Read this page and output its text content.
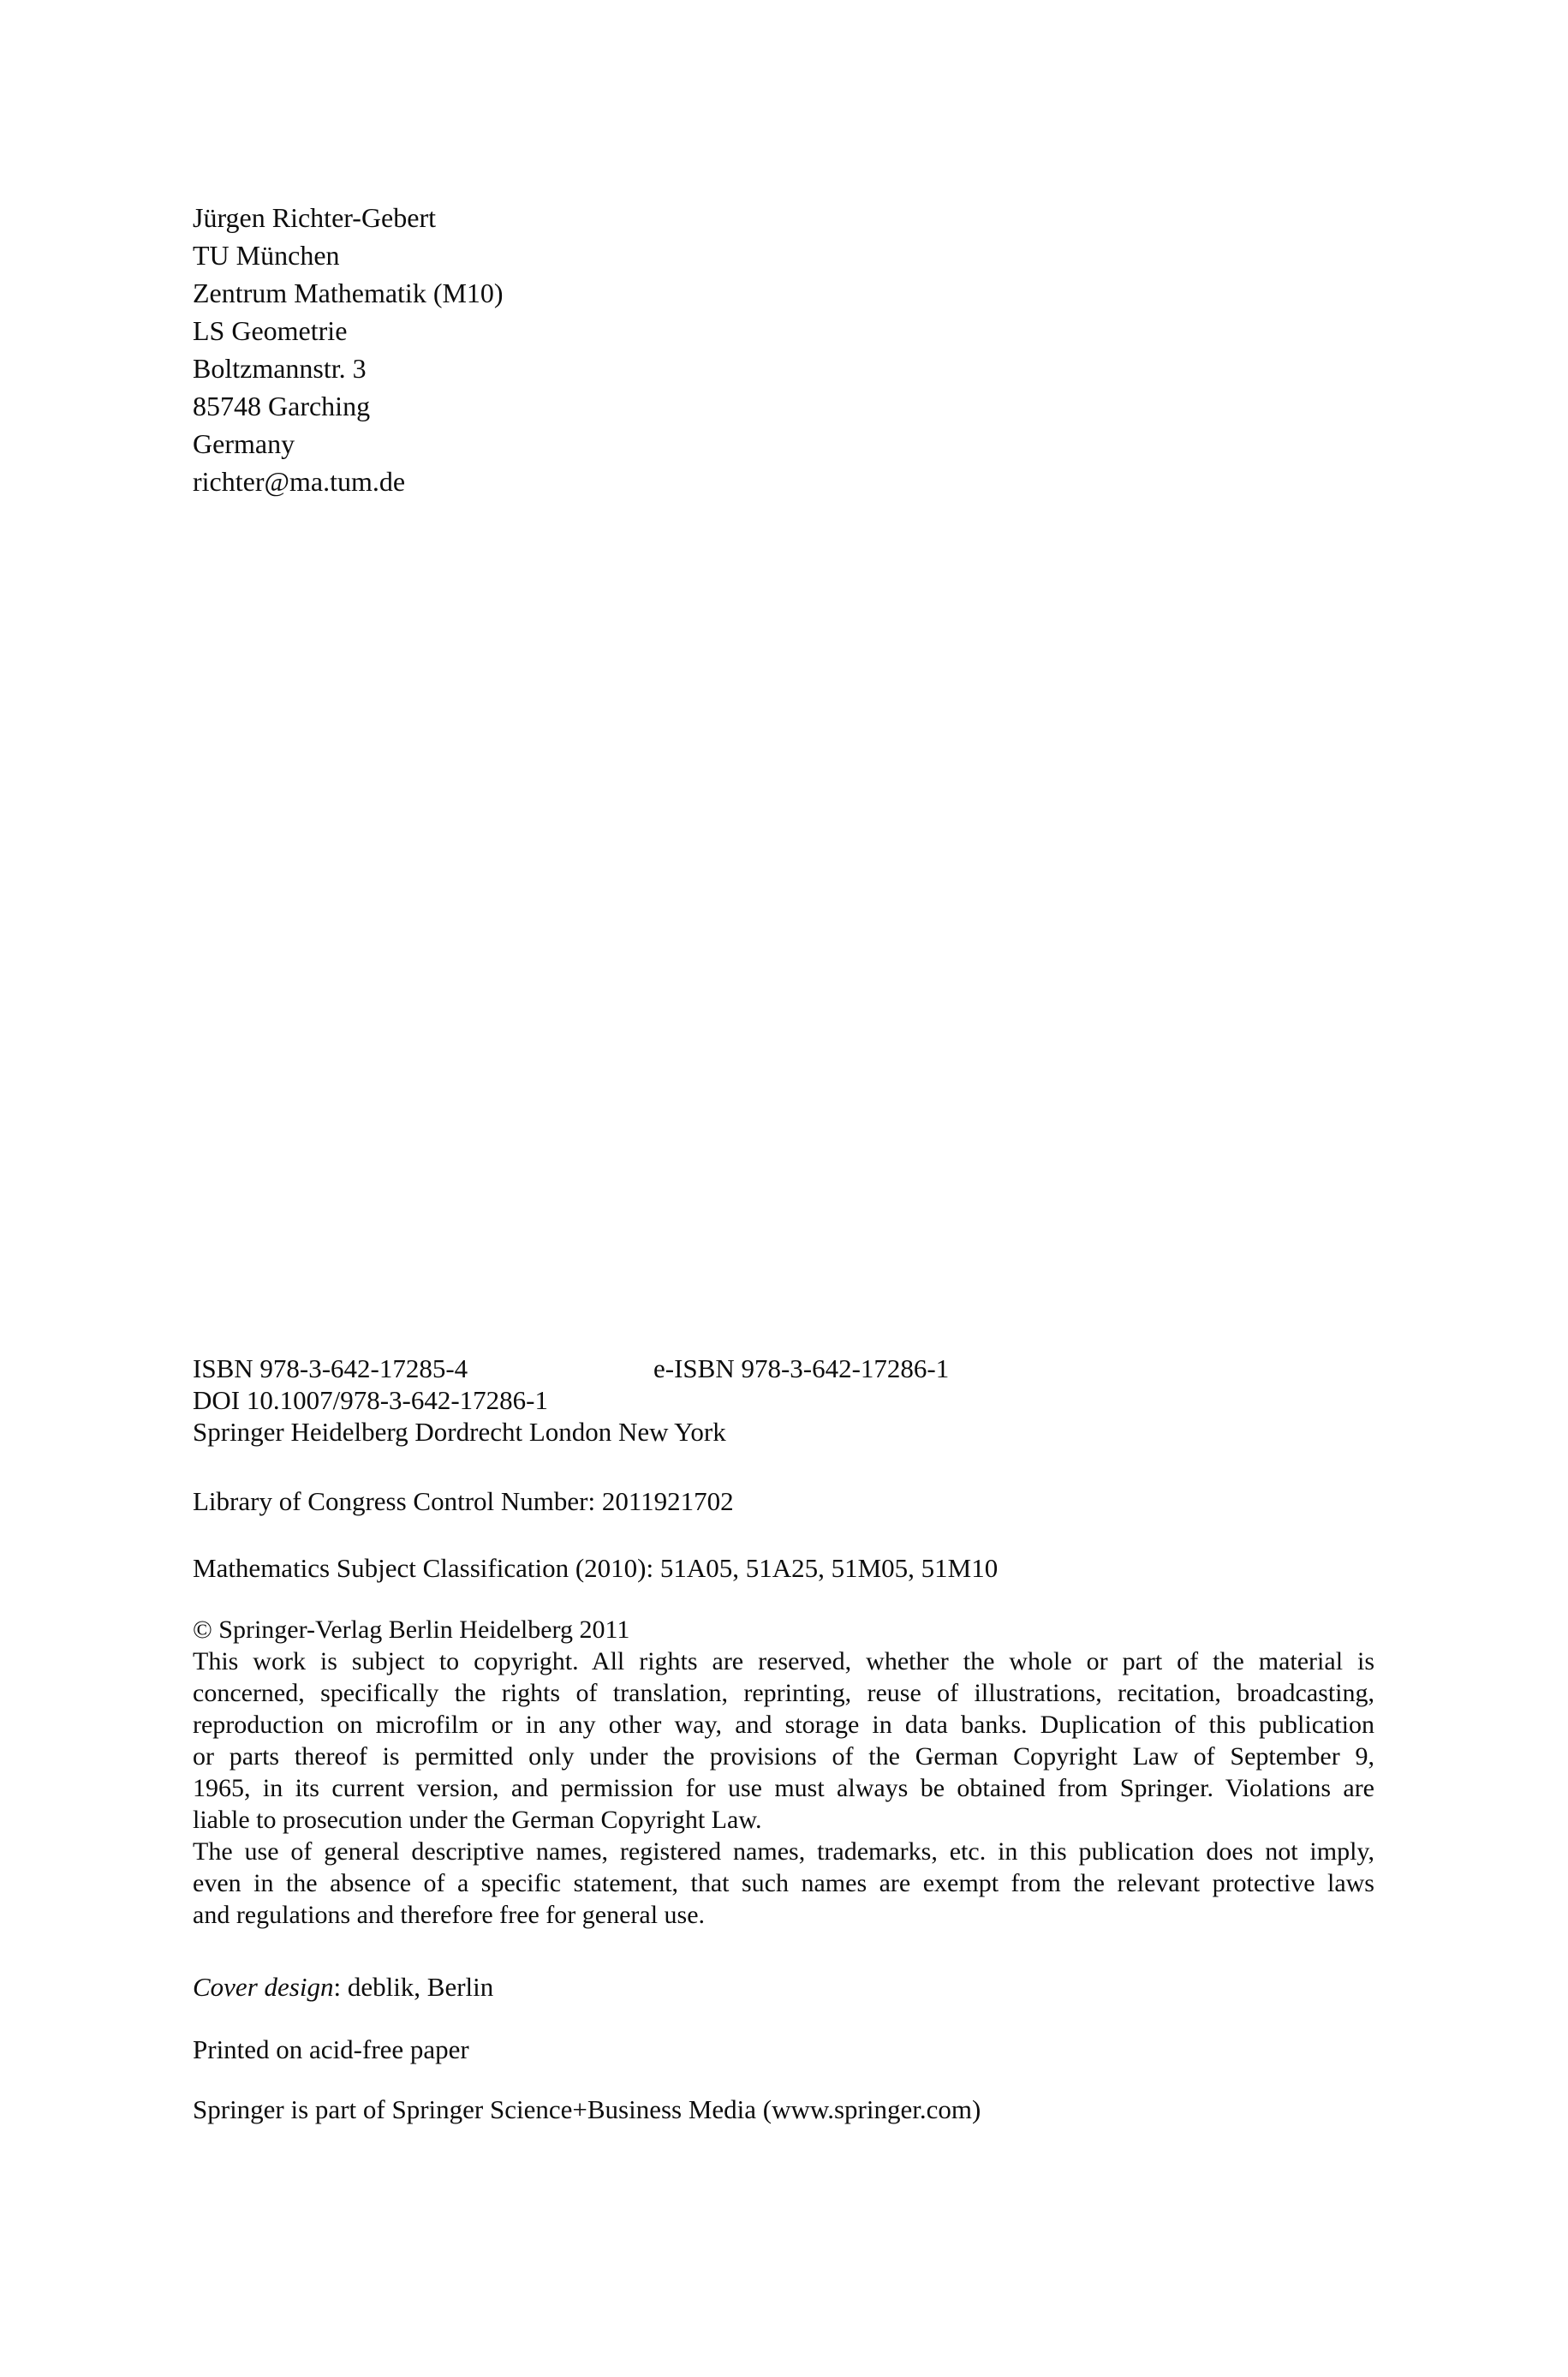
Jürgen Richter-Gebert
TU München
Zentrum Mathematik (M10)
LS Geometrie
Boltzmannstr. 3
85748 Garching
Germany
richter@ma.tum.de
ISBN 978-3-642-17285-4	e-ISBN 978-3-642-17286-1
DOI 10.1007/978-3-642-17286-1
Springer Heidelberg Dordrecht London New York
Library of Congress Control Number: 2011921702
Mathematics Subject Classification (2010): 51A05, 51A25, 51M05, 51M10
© Springer-Verlag Berlin Heidelberg 2011
This work is subject to copyright. All rights are reserved, whether the whole or part of the material is
concerned, specifically the rights of translation, reprinting, reuse of illustrations, recitation, broadcasting,
reproduction on microfilm or in any other way, and storage in data banks. Duplication of this publication
or parts thereof is permitted only under the provisions of the German Copyright Law of September 9,
1965, in its current version, and permission for use must always be obtained from Springer. Violations are
liable to prosecution under the German Copyright Law.
The use of general descriptive names, registered names, trademarks, etc. in this publication does not imply,
even in the absence of a specific statement, that such names are exempt from the relevant protective laws
and regulations and therefore free for general use.
Cover design: deblik, Berlin
Printed on acid-free paper
Springer is part of Springer Science+Business Media (www.springer.com)
